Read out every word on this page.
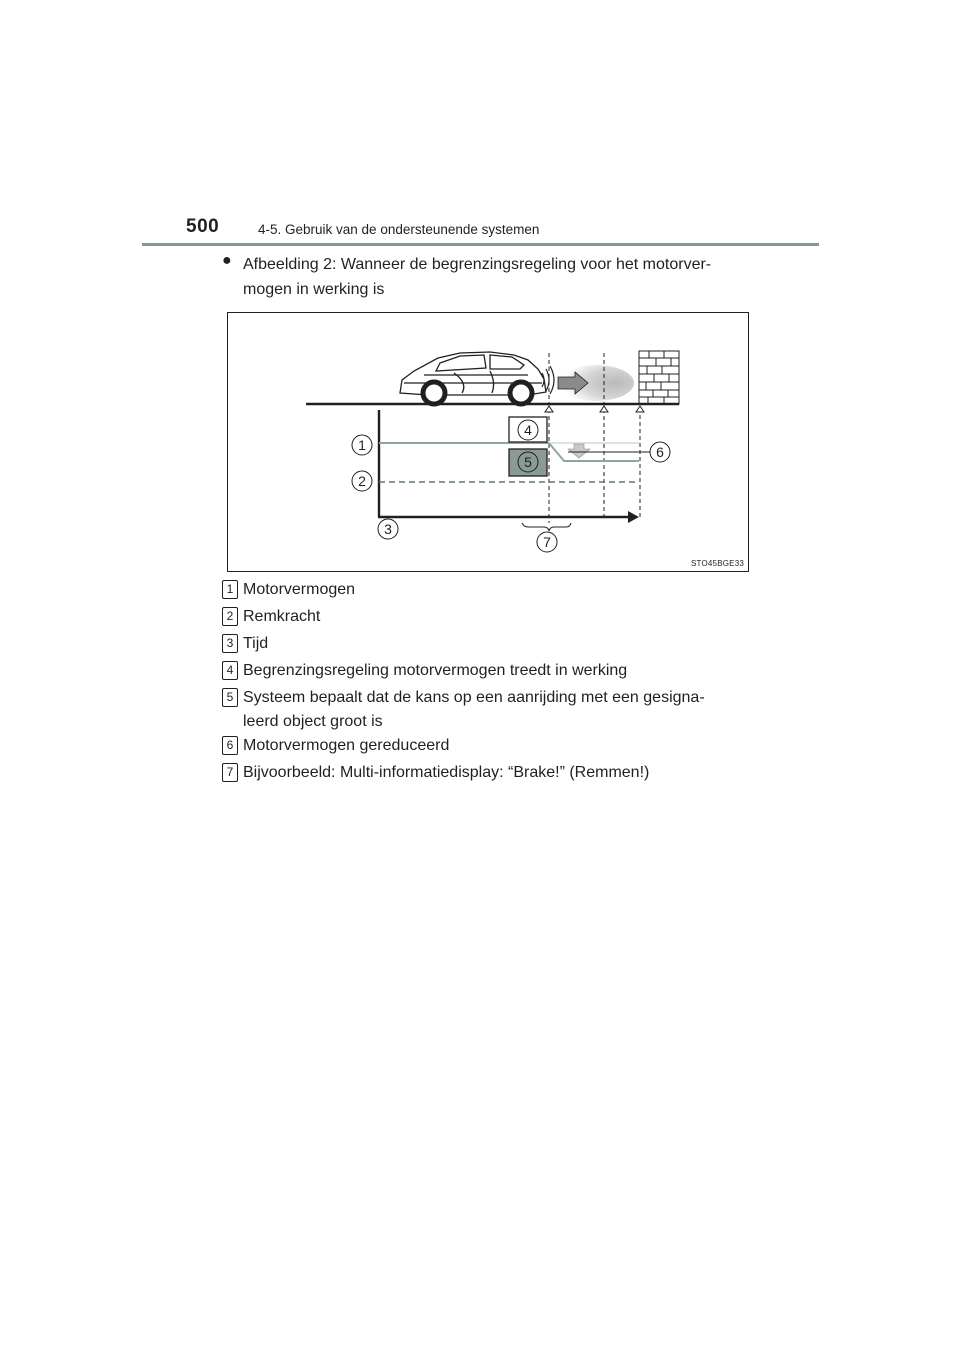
500	4-5. Gebruik van de ondersteunende systemen
● Afbeelding 2: Wanneer de begrenzingsregeling voor het motorver-
mogen in werking is
1
2
3
4
5
6
7
STO45BGE33
1 Motorvermogen
2 Remkracht
3 Tijd
4 Begrenzingsregeling motorvermogen treedt in werking
5 Systeem bepaalt dat de kans op een aanrijding met een gesigna-
leerd object groot is
6 Motorvermogen gereduceerd
7 Bijvoorbeeld: Multi-informatiedisplay: “Brake!” (Remmen!)
